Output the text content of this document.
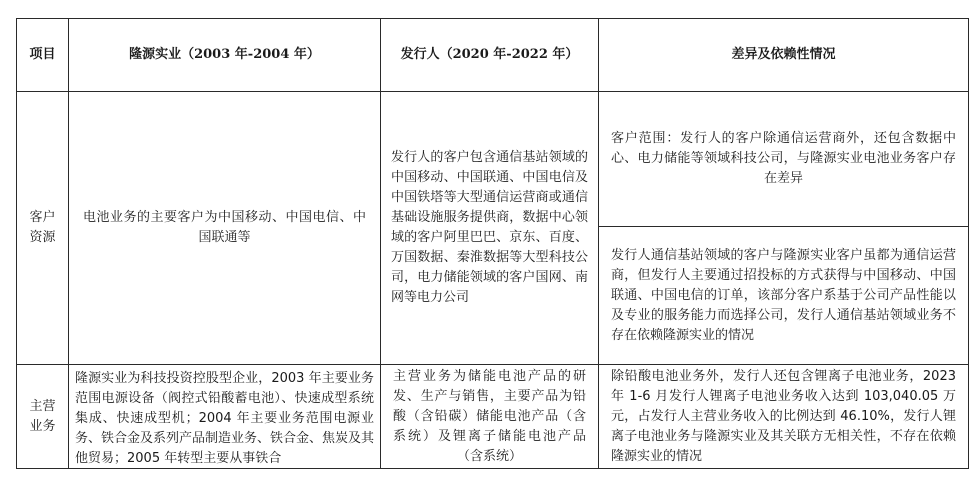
项目	隆源实业（2003 年-2004 年）	发行人（2020 年-2022 年）	差异及依赖性情况
客户资源	电池业务的主要客户为中国移动、中国电信、中国联通等	发行人的客户包含通信基站领域的中国移动、中国联通、中国电信及中国铁塔等大型通信运营商或通信基础设施服务提供商，数据中心领域的客户阿里巴巴、京东、百度、万国数据、秦淮数据等大型科技公司，电力储能领域的客户国网、南网等电力公司	客户范围：发行人的客户除通信运营商外，还包含数据中心、电力储能等领域科技公司，与隆源实业电池业务客户存在差异

			发行人通信基站领域的客户与隆源实业客户虽都为通信运营商，但发行人主要通过招投标的方式获得与中国移动、中国联通、中国电信的订单，该部分客户系基于公司产品性能以及专业的服务能力而选择公司，发行人通信基站领域业务不存在依赖隆源实业的情况

主营业务	隆源实业为科技投资控股型企业，2003 年主要业务范围电源设备（阀控式铅酸蓄电池）、快速成型系统集成、快速成型机；2004 年主要业务范围电源业务、铁合金及系列产品制造业务、铁合金、焦炭及其他贸易；2005 年转型主要从事铁合	主营业务为储能电池产品的研发、生产与销售，主要产品为铅酸（含铅碳）储能电池产品（含系统）及锂离子储能电池产品（含系统）	除铅酸电池业务外，发行人还包含锂离子电池业务，2023 年 1-6 月发行人锂离子电池业务收入达到 103,040.05 万元，占发行人主营业务收入的比例达到 46.10%，发行人锂离子电池业务与隆源实业及其关联方无相关性，不存在依赖隆源实业的情况
